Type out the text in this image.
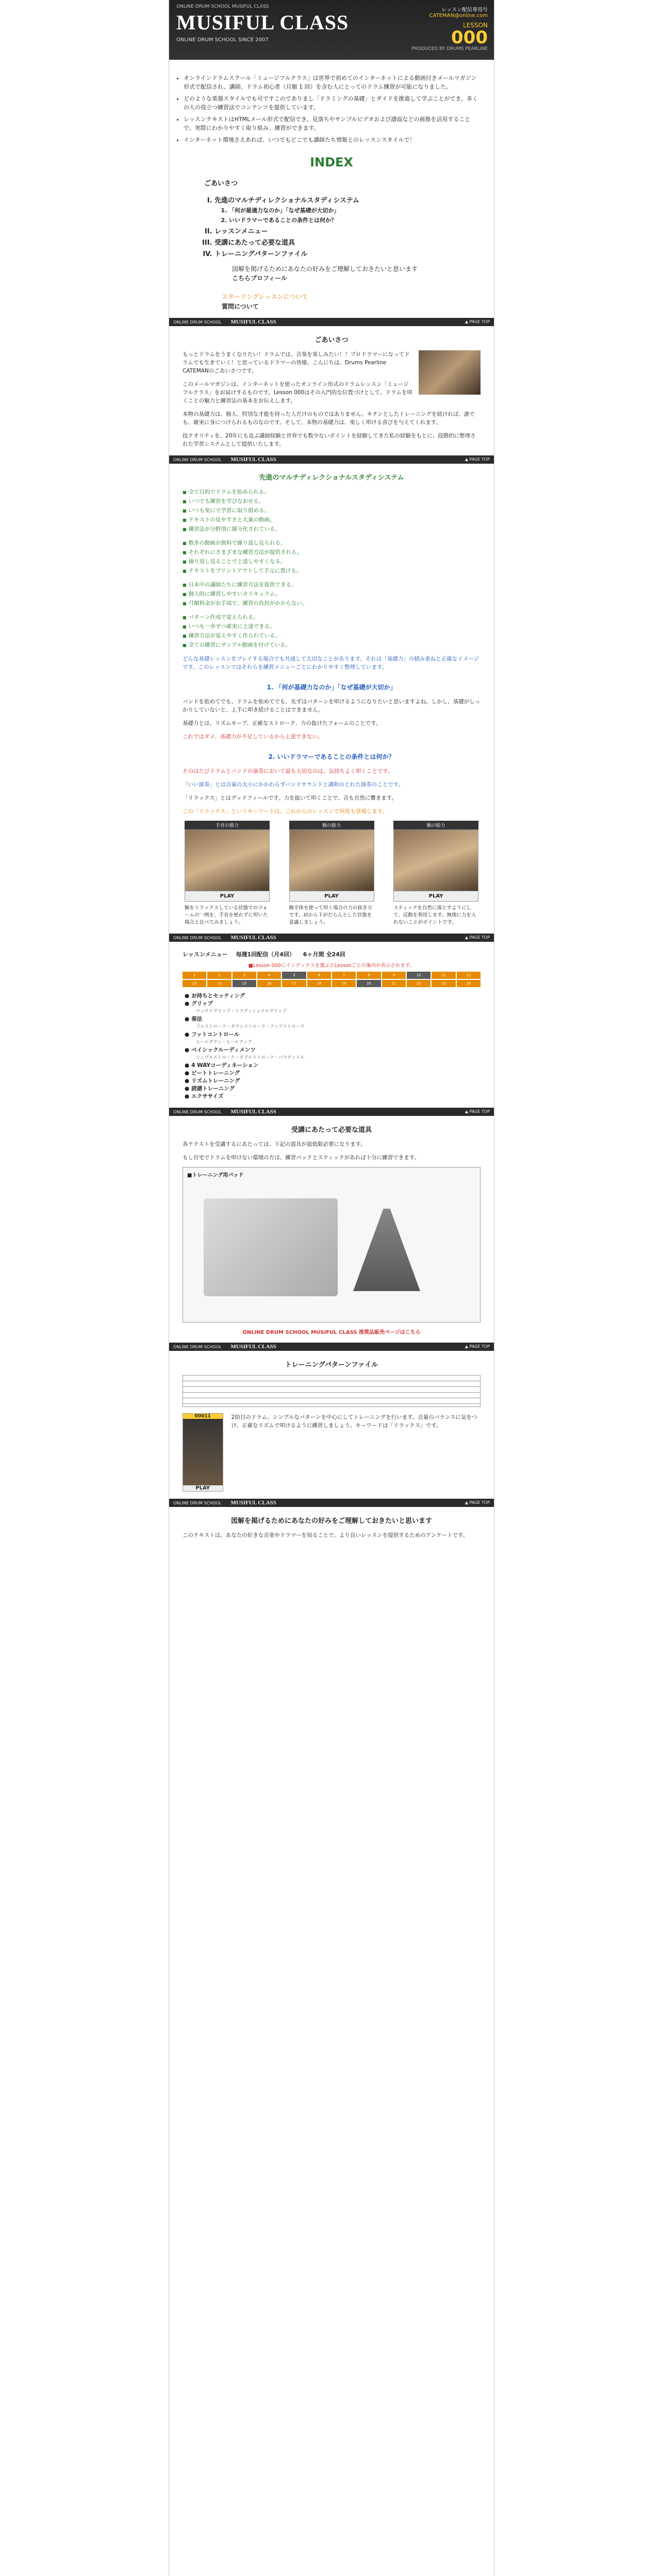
ONLINE DRUM SCHOOL MUSIFUL CLASS
MUSIFUL CLASS
ONLINE DRUM SCHOOL SINCE 2007
レッスン配信専用号
CATEMAN@online.com
LESSON
000
PRODUCED BY DRUMS PEARLINE
• オンラインドラムスクール「ミュージフルクラス」は世界で初めてのインターネットによる動画付きメールマガジン形式で配信され、講師、ドラム初心者（月額 1 回）を含む人にとってのドラム練習が可能になりました。
• どのような楽器スタイルでも可ですこのでありまし「ドラミングの基礎」とダイドを推進して学ぶことができ、多くの人の役立つ練習法でコンテンツを提供しています。
• レッスンテキストはHTMLメール形式で配信でき、見落ちやサンプルビデオおよび譜面などの画像を活用することで、実際にわかりやすく取り組み、練習ができます。
• インターネット環境さえあれば、いつでもどこでも講師たち情報とのレッスンスタイルで！
INDEX
ごあいさつ
I. 先進のマルチディレクショナルスタディシステム
1. 「何が最適力なのか」「なぜ基礎が大切か」
2. いいドラマーであることの条件とは何か？
II. レッスンメニュー
III. 受講にあたって必要な道具
IV. トレーニングパターンファイル
図解を掲げるためにあなたの好みをご理解しておきたいと思います
こちらプロフィール
スターリングレッスンについて
質問について
ONLINE DRUM SCHOOL MUSIFUL CLASS	▲ PAGE TOP
ごあいさつ

もっとドラムをうまくなりたい！ドラムでは、音楽を楽しみたい！！プロドラマーになってドラムでも生きていく！と思っているドラマーの皆様、こんにちは。Drums Pearline CATEMANのごあいさつです。

このメールマガジンは、インターネットを使ったオンライン形式のドラムレッスン「ミュージフルクラス」をお届けするものです。Lesson 000はその入門的な位置づけとして、ドラムを叩くことの魅力と練習法の基本をお伝えします。

本物の基礎力は、個人、特別な才能を持った人だけのものではありません。キチンとしたトレーニングを続ければ、誰でも、確実に身につけられるものなのです。そして、本物の基礎力は、楽しく叩ける喜びを与えてくれます。

技クオリティを、20年にも及ぶ講師経験と世界でも数少ないポイントを経験してきた私の経験をもとに、段階的に整理された学習システムとして提供いたします。

ONLINE DRUM SCHOOL MUSIFUL CLASS	▲ PAGE TOP
先進のマルチディレクショナルスタディシステム
■ 全て目的でドラムを始められる。
■ いつでも練習を学びなおせる。
■ いつも楽にで学習に取り組める。
■ テキストの見やすさと大量の動画。
■ 練習法が分野別に細分化されている。
■ 数多の動画が無料で繰り返し見られる。
■ それぞれにさまざまな練習方法が提供される。
■ 繰り返し見ることで上達しやすくなる。
■ テキストをプリントアウトして手元に置ける。
■ 日本中の講師たちに練習方法を提供できる。
■ 個人的に練習しやすいカリキュラム。
■ 月額料金がお手頃で、練習の負担がかからない。
■ パターン作成で覚えられる。
■ いつも一歩ずつ確実に上達できる。
■ 練習方法が覚えやすく作られている。
■ 全ての練習にサンプル動画を付けている。

どんな基礎レッスンをプレイする場合でも共通して大切なことがあります。それは「基礎力」の積み重ねと正確なイメージです。このレッスンではそれらを練習メニューごとにわかりやすく整理しています。

1. 「何が基礎力なのか」「なぜ基礎が大切か」

バンドを始めてでも、ドラムを始めてでも、先ずはパターンを叩けるようになりたいと思いますよね。しかし、基礎がしっかりしていないと、上手に叩き続けることはできません。

基礎力とは、リズムキープ、正確なストローク、力の抜けたフォームのことです。

これではダメ、基礎力が不足しているから上達できない。

2. いいドラマーであることの条件とは何か？

そのはたびドラムとバンドの演奏において最も大切なのは、気持ちよく叩くことです。

「いい演奏」とは音量の大小にかかわらずバンドサウンドと調和のとれた演奏のことです。

「リラックス」とはグッドフィールです。力を抜いて叩くことで、音も自然に響きます。

この「リラックス」というキーワードは、これからのレッスンで何度も登場します。

手首の脱力
PLAY
腕をリラックスしている状態でのフォームの一例を、手首を使わずに叩いた場合と比べてみましょう。
腕の脱力
PLAY
腕全体を使って叩く場合の力の抜き方です。肩から下がだらんとした状態を意識しましょう。
腕の脱力
PLAY
スティックを自然に落とすようにして、反動を利用します。無理に力を入れないことがポイントです。
ONLINE DRUM SCHOOL MUSIFUL CLASS	▲ PAGE TOP
レッスンメニュー 毎週1回配信（月4回） 6ヶ月間 全24回
■Lesson 000にインデックスを選ぶとLessonごとの案内が表示されます。
1	2	3	4	5	6	7	8	9	10	11	12
13	14	15	16	17	18	19	20	21	22	23	24
● お持ちとセッティング
● グリップ
マッチドグリップ・トラディショナルグリップ
● 奏法
フルストローク・ダウンストローク・アップストローク
● フットコントロール
ヒールダウン・ヒールアップ
● ベイシックルーディメンツ
シングルストローク・ダブルストローク・パラディドル
● 4 WAYコーディネーション
● ビートトレーニング
● リズムトレーニング
● 読譜トレーニング
● エクササイズ
ONLINE DRUM SCHOOL MUSIFUL CLASS	▲ PAGE TOP
受講にあたって必要な道具

各テクストを受講するにあたっては、下記の道具が最低限必要になります。

もし自宅でドラムを叩けない環境の方は、練習パッドとスティックがあれば十分に練習できます。

■トレーニング用パッド
ONLINE DRUM SCHOOL MUSIFUL CLASS 推奨品販売ページはこちら
ONLINE DRUM SCHOOL MUSIFUL CLASS	▲ PAGE TOP
トレーニングパターンファイル
00011
PLAY
2拍目のドラム、シンプルなパターンを中心にしてトレーニングを行います。音量のバランスに気をつけ、正確なリズムで叩けるように練習しましょう。キーワードは「リラックス」です。
ONLINE DRUM SCHOOL MUSIFUL CLASS	▲ PAGE TOP
図解を掲げるためにあなたの好みをご理解しておきたいと思います

このテキストは、あなたの好きな音楽やドラマーを知ることで、より良いレッスンを提供するためのアンケートです。
